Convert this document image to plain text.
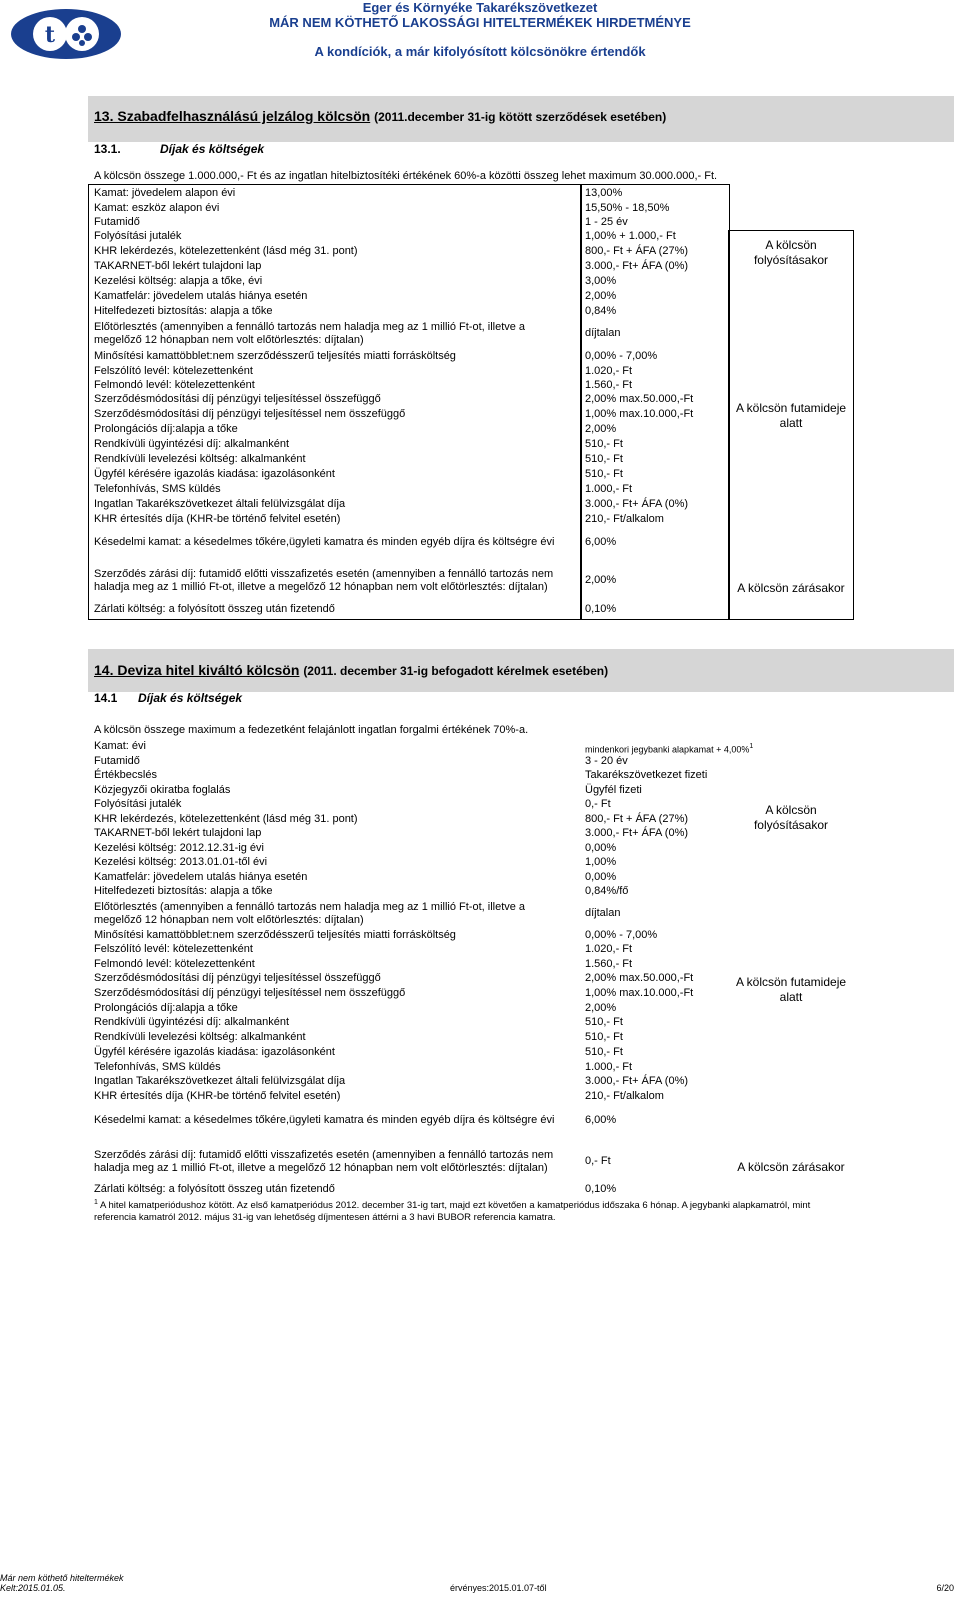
t
Eger és Környéke Takarékszövetkezet
MÁR NEM KÖTHETŐ LAKOSSÁGI HITELTERMÉKEK HIRDETMÉNYE
A kondíciók, a már kifolyósított kölcsönökre értendők
13. Szabadfelhasználású jelzálog kölcsön (2011.december 31-ig kötött szerződések esetében)
13.1.	Díjak és költségek
A kölcsön összege 1.000.000,- Ft és az ingatlan hitelbiztosítéki értékének 60%-a közötti összeg lehet maximum 30.000.000,- Ft.
Kamat: jövedelem alapon évi	13,00%
Kamat: eszköz alapon évi	15,50% - 18,50%
Futamidő	1 - 25 év
Folyósítási jutalék	1,00% + 1.000,- Ft
KHR lekérdezés, kötelezettenként (lásd még 31. pont)	800,- Ft + ÁFA (27%)
TAKARNET-ből lekért tulajdoni lap	3.000,- Ft+ ÁFA (0%)
Kezelési költség: alapja a tőke, évi	3,00%
Kamatfelár: jövedelem utalás hiánya esetén	2,00%
Hitelfedezeti biztosítás: alapja a tőke	0,84%
Előtörlesztés (amennyiben a fennálló tartozás nem haladja meg az 1 millió Ft-ot, illetve a
megelőző 12 hónapban nem volt előtörlesztés: díjtalan)
díjtalan
Minősítési kamattöbblet:nem szerződésszerű teljesítés miatti forrásköltség	0,00% - 7,00%
Felszólító levél: kötelezettenként	1.020,- Ft
Felmondó levél: kötelezettenként	1.560,- Ft
Szerződésmódosítási díj pénzügyi teljesítéssel összefüggő	2,00% max.50.000,-Ft
Szerződésmódosítási díj pénzügyi teljesítéssel nem összefüggő	1,00% max.10.000,-Ft
Prolongációs díj:alapja a tőke	2,00%
Rendkívüli ügyintézési díj: alkalmanként	510,- Ft
Rendkívüli levelezési költség: alkalmanként	510,- Ft
Ügyfél kérésére igazolás kiadása: igazolásonként	510,- Ft
Telefonhívás, SMS küldés	1.000,- Ft
Ingatlan Takarékszövetkezet általi felülvizsgálat díja	3.000,- Ft+ ÁFA (0%)
KHR értesítés díja (KHR-be történő felvitel esetén)	210,- Ft/alkalom
Késedelmi kamat: a késedelmes tőkére,ügyleti kamatra és minden egyéb díjra és költségre évi	6,00%
Szerződés zárási díj: futamidő előtti visszafizetés esetén (amennyiben a fennálló tartozás nem
haladja meg az 1 millió Ft-ot, illetve a megelőző 12 hónapban nem volt előtörlesztés: díjtalan)
2,00%
Zárlati költség: a folyósított összeg után fizetendő	0,10%
A kölcsön folyósításakor
A kölcsön futamideje alatt
A kölcsön zárásakor
14. Deviza hitel kiváltó kölcsön (2011. december 31-ig befogadott kérelmek esetében)
14.1 Díjak és költségek
A kölcsön összege maximum a fedezetként felajánlott ingatlan forgalmi értékének 70%-a.
Kamat: évi	mindenkori jegybanki alapkamat + 4,00%$^1$
Futamidő	3 - 20 év
Értékbecslés	Takarékszövetkezet fizeti
Közjegyzői okiratba foglalás	Ügyfél fizeti
Folyósítási jutalék	0,- Ft
KHR lekérdezés, kötelezettenként (lásd még 31. pont)	800,- Ft + ÁFA (27%)
TAKARNET-ből lekért tulajdoni lap	3.000,- Ft+ ÁFA (0%)
Kezelési költség: 2012.12.31-ig évi	0,00%
Kezelési költség: 2013.01.01-től évi	1,00%
Kamatfelár: jövedelem utalás hiánya esetén	0,00%
Hitelfedezeti biztosítás: alapja a tőke	0,84%/fő
Előtörlesztés (amennyiben a fennálló tartozás nem haladja meg az 1 millió Ft-ot, illetve a
megelőző 12 hónapban nem volt előtörlesztés: díjtalan)
díjtalan
Minősítési kamattöbblet:nem szerződésszerű teljesítés miatti forrásköltség	0,00% - 7,00%
Felszólító levél: kötelezettenként	1.020,- Ft
Felmondó levél: kötelezettenként	1.560,- Ft
Szerződésmódosítási díj pénzügyi teljesítéssel összefüggő	2,00% max.50.000,-Ft
Szerződésmódosítási díj pénzügyi teljesítéssel nem összefüggő	1,00% max.10.000,-Ft
Prolongációs díj:alapja a tőke	2,00%
Rendkívüli ügyintézési díj: alkalmanként	510,- Ft
Rendkívüli levelezési költség: alkalmanként	510,- Ft
Ügyfél kérésére igazolás kiadása: igazolásonként	510,- Ft
Telefonhívás, SMS küldés	1.000,- Ft
Ingatlan Takarékszövetkezet általi felülvizsgálat díja	3.000,- Ft+ ÁFA (0%)
KHR értesítés díja (KHR-be történő felvitel esetén)	210,- Ft/alkalom
Késedelmi kamat: a késedelmes tőkére,ügyleti kamatra és minden egyéb díjra és költségre évi	6,00%
Szerződés zárási díj: futamidő előtti visszafizetés esetén (amennyiben a fennálló tartozás nem
haladja meg az 1 millió Ft-ot, illetve a megelőző 12 hónapban nem volt előtörlesztés: díjtalan)
0,- Ft
Zárlati költség: a folyósított összeg után fizetendő	0,10%
A kölcsön folyósításakor
A kölcsön futamideje alatt
A kölcsön zárásakor
$^1$ A hitel kamatperiódushoz kötött. Az első kamatperiódus 2012. december 31-ig tart, majd ezt követően a kamatperiódus időszaka 6 hónap. A jegybanki alapkamatról, mint referencia kamatról 2012. május 31-ig van lehetőség díjmentesen áttérni a 3 havi BUBOR referencia kamatra.
Már nem köthető hiteltermékek
Kelt:2015.01.05.	érvényes:2015.01.07-től	6/20
